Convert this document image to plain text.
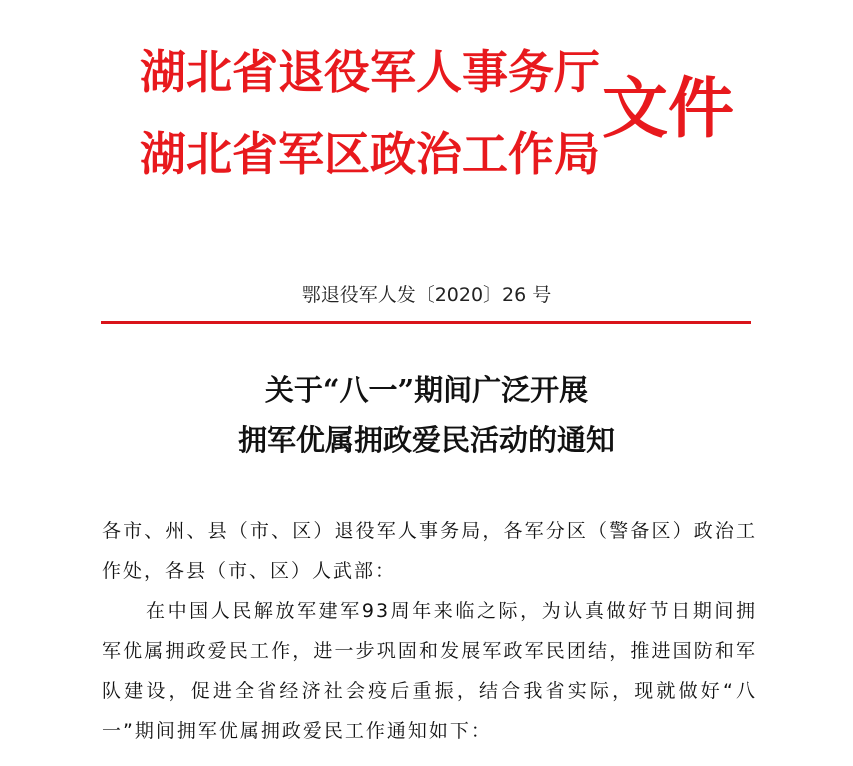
湖北省退役军人事务厅
湖北省军区政治工作局
文件
鄂退役军人发〔2020〕26 号
关于“八一”期间广泛开展
拥军优属拥政爱民活动的通知

各市、州、县（市、区）退役军人事务局，各军分区（警备区）政治工作处，各县（市、区）人武部：

在中国人民解放军建军93周年来临之际，为认真做好节日期间拥军优属拥政爱民工作，进一步巩固和发展军政军民团结，推进国防和军队建设，促进全省经济社会疫后重振，结合我省实际，现就做好“八一”期间拥军优属拥政爱民工作通知如下：
